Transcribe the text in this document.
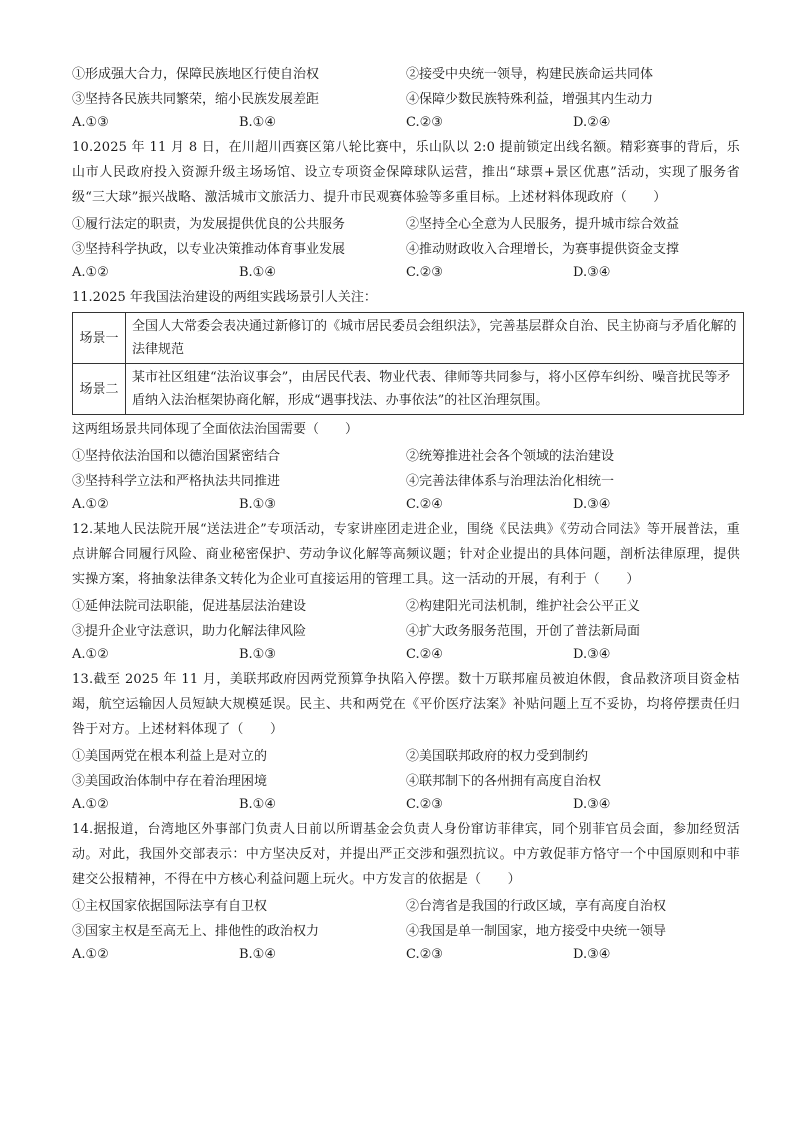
①形成强大合力，保障民族地区行使自治权	②接受中央统一领导，构建民族命运共同体
③坚持各民族共同繁荣，缩小民族发展差距	④保障少数民族特殊利益，增强其内生动力
A.①③	B.①④	C.②③	D.②④
10.2025 年 11 月 8 日，在川超川西赛区第八轮比赛中，乐山队以 2:0 提前锁定出线名额。精彩赛事的背后，乐山市人民政府投入资源升级主场场馆、设立专项资金保障球队运营，推出“球票+景区优惠”活动，实现了服务省级“三大球”振兴战略、激活城市文旅活力、提升市民观赛体验等多重目标。上述材料体现政府（　　）
①履行法定的职责，为发展提供优良的公共服务	②坚持全心全意为人民服务，提升城市综合效益
③坚持科学执政，以专业决策推动体育事业发展	④推动财政收入合理增长，为赛事提供资金支撑
A.①②	B.①④	C.②③	D.③④
11.2025 年我国法治建设的两组实践场景引人关注：
场景一	全国人大常委会表决通过新修订的《城市居民委员会组织法》，完善基层群众自治、民主协商与矛盾化解的法律规范
场景二	某市社区组建“法治议事会”，由居民代表、物业代表、律师等共同参与，将小区停车纠纷、噪音扰民等矛盾纳入法治框架协商化解，形成“遇事找法、办事依法”的社区治理氛围。
这两组场景共同体现了全面依法治国需要（　　）
①坚持依法治国和以德治国紧密结合	②统筹推进社会各个领域的法治建设
③坚持科学立法和严格执法共同推进	④完善法律体系与治理法治化相统一
A.①②	B.①③	C.②④	D.③④
12.某地人民法院开展“送法进企”专项活动，专家讲座团走进企业，围绕《民法典》《劳动合同法》等开展普法，重点讲解合同履行风险、商业秘密保护、劳动争议化解等高频议题；针对企业提出的具体问题，剖析法律原理，提供实操方案，将抽象法律条文转化为企业可直接运用的管理工具。这一活动的开展，有利于（　　）
①延伸法院司法职能，促进基层法治建设	②构建阳光司法机制，维护社会公平正义
③提升企业守法意识，助力化解法律风险	④扩大政务服务范围，开创了普法新局面
A.①②	B.①③	C.②④	D.③④
13.截至 2025 年 11 月，美联邦政府因两党预算争执陷入停摆。数十万联邦雇员被迫休假，食品救济项目资金枯竭，航空运输因人员短缺大规模延误。民主、共和两党在《平价医疗法案》补贴问题上互不妥协，均将停摆责任归咎于对方。上述材料体现了（　　）
①美国两党在根本利益上是对立的	②美国联邦政府的权力受到制约
③美国政治体制中存在着治理困境	④联邦制下的各州拥有高度自治权
A.①②	B.①④	C.②③	D.③④
14.据报道，台湾地区外事部门负责人日前以所谓基金会负责人身份窜访菲律宾，同个别菲官员会面，参加经贸活动。对此，我国外交部表示：中方坚决反对，并提出严正交涉和强烈抗议。中方敦促菲方恪守一个中国原则和中菲建交公报精神，不得在中方核心利益问题上玩火。中方发言的依据是（　　）
①主权国家依据国际法享有自卫权	②台湾省是我国的行政区域，享有高度自治权
③国家主权是至高无上、排他性的政治权力	④我国是单一制国家，地方接受中央统一领导
A.①②	B.①④	C.②③	D.③④
